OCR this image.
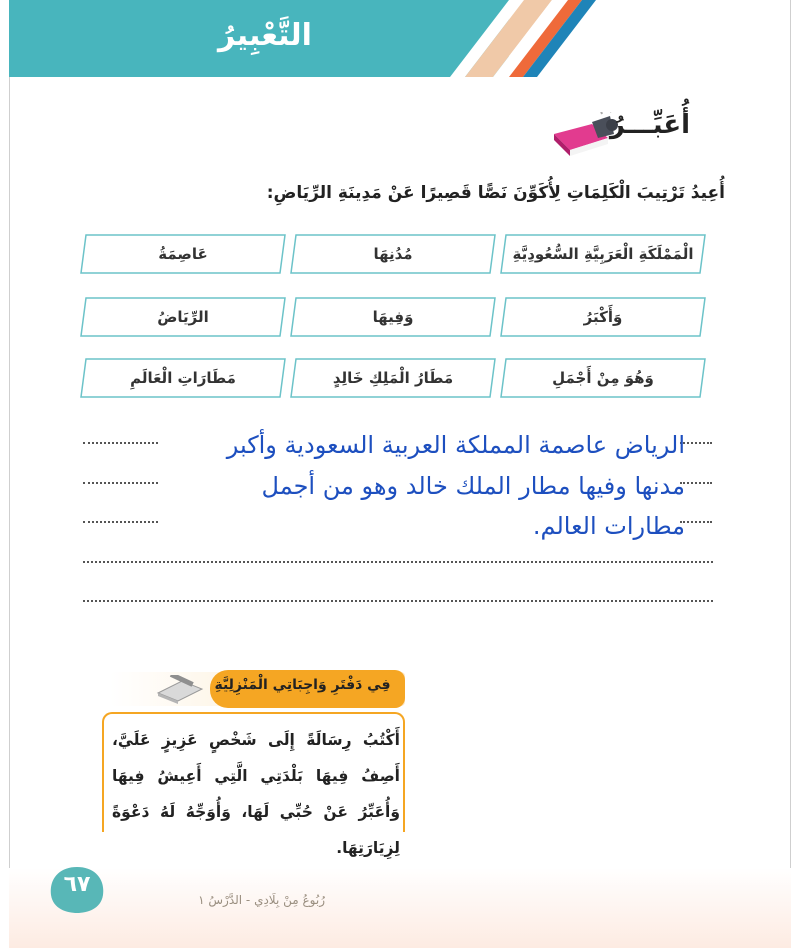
التَّعْبِيرُ
أُعَبِّـــرُ
أُعِيدُ تَرْتِيبَ الْكَلِمَاتِ لِأُكَوِّنَ نَصًّا قَصِيرًا عَنْ مَدِينَةِ الرِّيَاضِ:
الْمَمْلَكَةِ الْعَرَبِيَّةِ السُّعُودِيَّةِ
مُدُنِهَا
عَاصِمَةُ
وَأَكْبَرُ
وَفِيهَا
الرِّيَاضُ
وَهُوَ مِنْ أَجْمَلِ
مَطَارُ الْمَلِكِ خَالِدٍ
مَطَارَاتِ الْعَالَمِ
الرياض عاصمة المملكة العربية السعودية وأكبر
مدنها وفيها مطار الملك خالد وهو من أجمل
مطارات العالم.
فِي دَفْتَرِ وَاجِبَاتِي الْمَنْزِلِيَّةِ
أَكْتُبُ رِسَالَةً إِلَى شَخْصٍ عَزِيزٍ عَلَيَّ، أَصِفُ فِيهَا بَلْدَتِي الَّتِي أَعِيشُ فِيهَا وَأُعَبِّرُ عَنْ حُبِّي لَهَا، وَأُوَجِّهُ لَهُ دَعْوَةً لِزِيَارَتِهَا.
٦٧
رُبُوعُ مِنْ بِلَادِي - الدَّرْسُ ١
